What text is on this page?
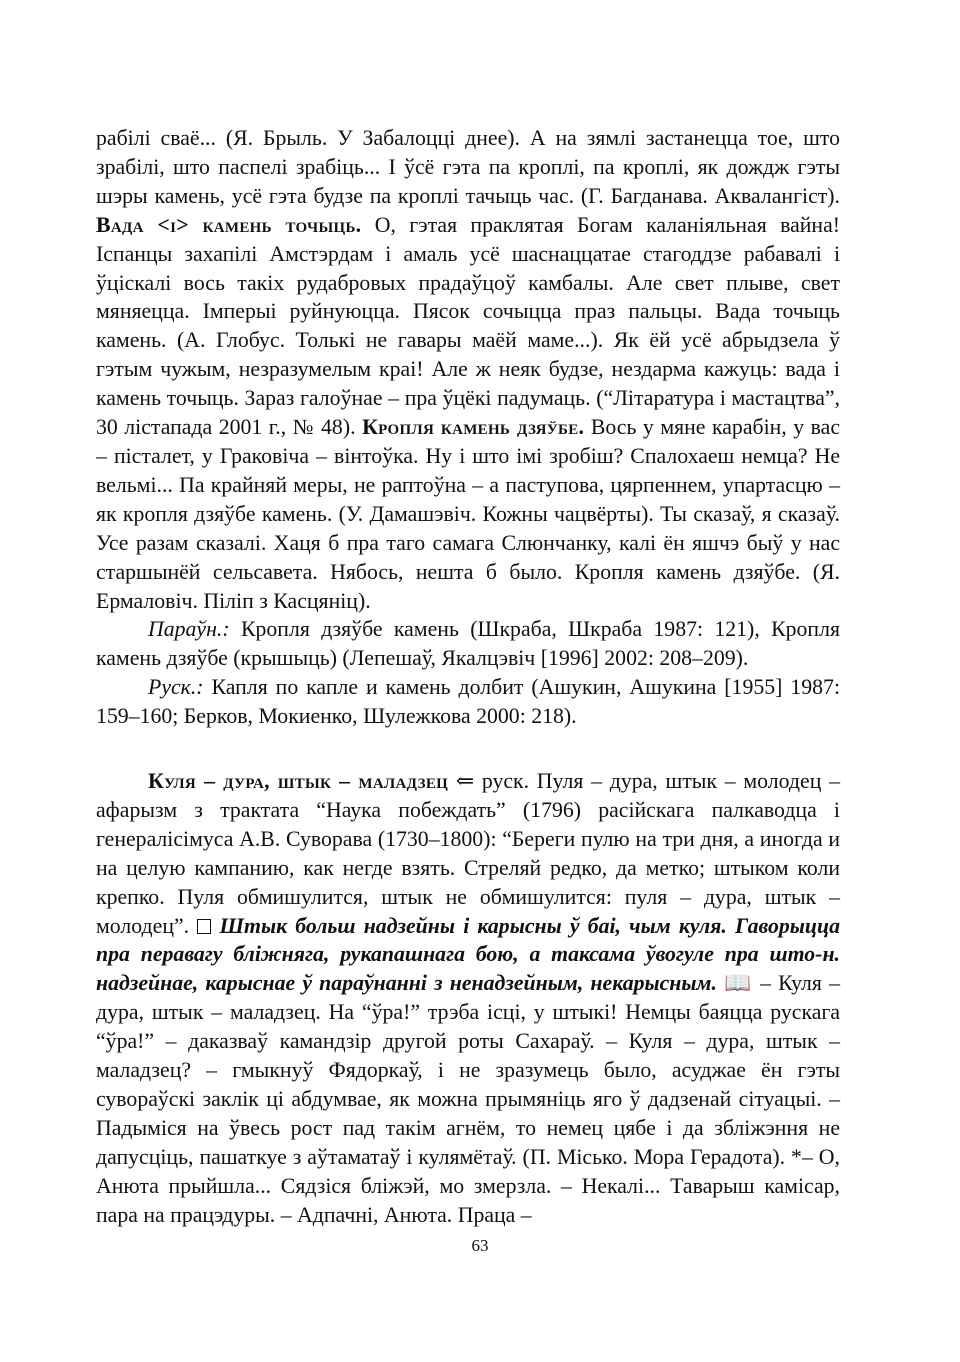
рабілі сваё... (Я. Брыль. У Забалоцці днее). А на зямлі застанецца тое, што зрабілі, што паспелі зрабіць... І ўсё гэта па кроплі, па кроплі, як дождж гэты шэры камень, усё гэта будзе па кроплі тачыць час. (Г. Багданава. Аквалангіст). Вада <і> камень точыць. О, гэтая праклятая Богам каланіяльная вайна! Іспанцы захапілі Амстэрдам і амаль усё шаснаццатае стагоддзе рабавалі і ўціскалі вось такіх рудабровых прадаўцоў камбалы. Але свет плыве, свет мяняецца. Імперыі руйнуюцца. Пясок сочыцца праз пальцы. Вада точыць камень. (А. Глобус. Толькі не гавары маёй маме...). Як ёй усё абрыдзела ў гэтым чужым, незразумелым краі! Але ж неяк будзе, нездарма кажуць: вада і камень точыць. Зараз галоўнае – пра ўцёкі падумаць. (“Літаратура і мастацтва”, 30 лістапада 2001 г., № 48). Кропля камень дзяўбе. Вось у мяне карабін, у вас – пісталет, у Граковіча – вінтоўка. Ну і што імі зробіш? Спалохаеш немца? Не вельмі... Па крайняй меры, не раптоўна – а паступова, цярпеннем, упартасцю – як кропля дзяўбе камень. (У. Дамашэвіч. Кожны чацвёрты). Ты сказаў, я сказаў. Усе разам сказалі. Хаця б пра таго самага Слюнчанку, калі ён яшчэ быў у нас старшынёй сельсавета. Нябось, нешта б было. Кропля камень дзяўбе. (Я. Ермаловіч. Піліп з Касцяніц).

Параўн.: Кропля дзяўбе камень (Шкраба, Шкраба 1987: 121), Кропля камень дзяўбе (крышыць) (Лепешаў, Якалцэвіч [1996] 2002: 208–209).

Руск.: Капля по капле и камень долбит (Ашукин, Ашукина [1955] 1987: 159–160; Берков, Мокиенко, Шулежкова 2000: 218).

Куля – дура, штык – маладзец ⇐ руск. Пуля – дура, штык – молодец – афарызм з трактата “Наука побеждать” (1796) расійскага палкаводца і генералісімуса А.В. Суворава (1730–1800): “Береги пулю на три дня, а иногда и на целую кампанию, как негде взять. Стреляй редко, да метко; штыком коли крепко. Пуля обмишулится, штык не обмишулится: пуля – дура, штык – молодец”. Штык больш надзейны і карысны ў баі, чым куля. Гаворыцца пра перавагу бліжняга, рукапашнага бою, а таксама ўвогуле пра што-н. надзейнае, карыснае ў параўнанні з ненадзейным, некарысным. 📖 – Куля – дура, штык – маладзец. На “ўра!” трэба ісці, у штыкі! Немцы баяцца рускага “ўра!” – даказваў камандзір другой роты Сахараў. – Куля – дура, штык – маладзец? – гмыкнуў Фядоркаў, і не зразумець было, асуджае ён гэты суворaўскі заклік ці абдумвае, як можна прымяніць яго ў дадзенай сітуацыі. – Падыміся на ўвесь рост пад такім агнём, то немец цябе і да збліжэння не дапусціць, пашаткуе з аўтаматаў і кулямётаў. (П. Місько. Мора Герадота). *– О, Анюта прыйшла... Сядзіся бліжэй, мо змерзла. – Некалі... Таварыш камісар, пара на працэдуры. – Адпачні, Анюта. Праца –

63
